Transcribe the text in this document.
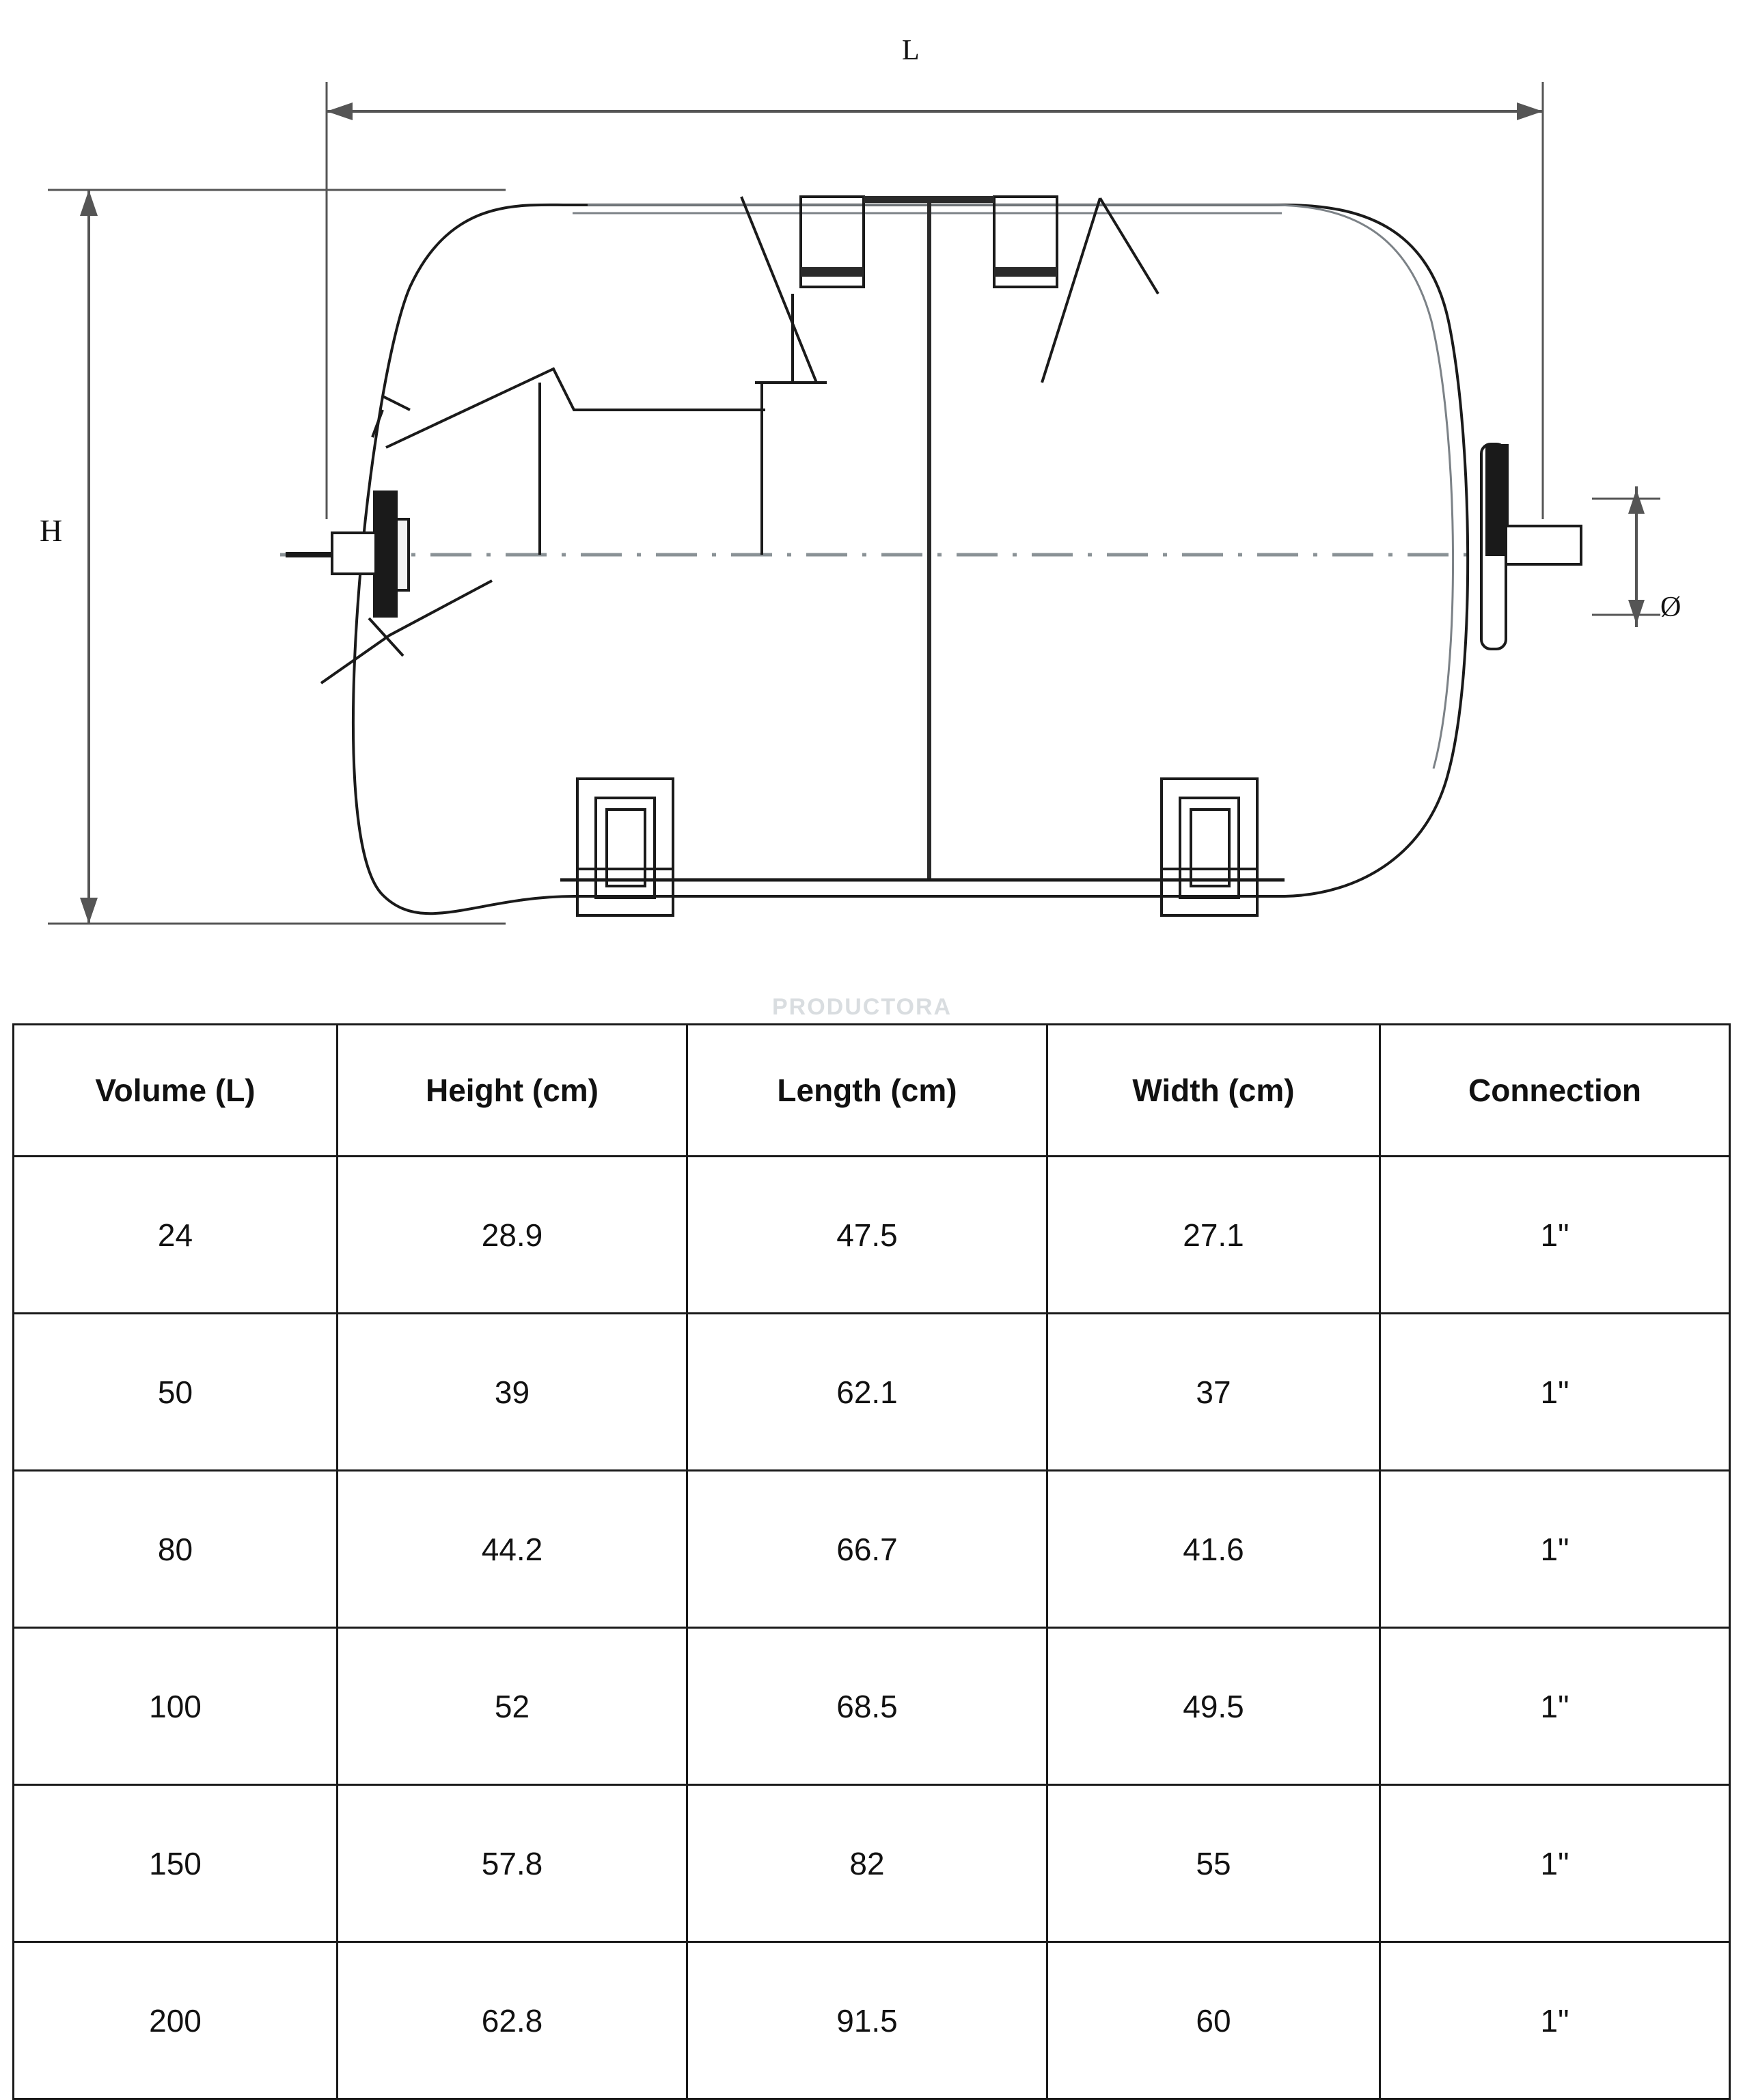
L
H
Ø
PRODUCTORA
Volume (L)	Height (cm)	Length (cm)	Width (cm)	Connection
24	28.9	47.5	27.1	1"
50	39	62.1	37	1"
80	44.2	66.7	41.6	1"
100	52	68.5	49.5	1"
150	57.8	82	55	1"
200	62.8	91.5	60	1"
